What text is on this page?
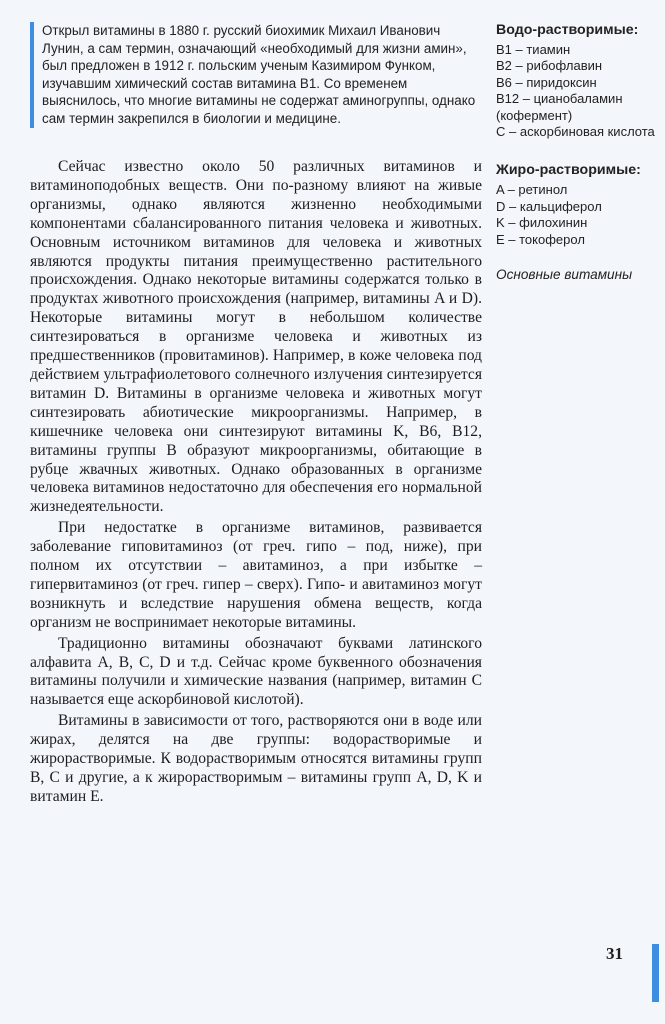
Открыл витамины в 1880 г. русский биохимик Михаил Иванович Лунин, а сам термин, означающий «необходимый для жизни амин», был предложен в 1912 г. польским ученым Казимиром Функом, изучавшим химический состав витамина B1. Со временем выяснилось, что многие витамины не содержат аминогруппы, однако сам термин закрепился в биологии и медицине.

Сейчас известно около 50 различных витаминов и витаминоподобных веществ. Они по-разному влияют на живые организмы, однако являются жизненно необходимыми компонентами сбалансированного питания человека и животных. Основным источником витаминов для человека и животных являются продукты питания преимущественно растительного происхождения. Однако некоторые витамины содержатся только в продуктах животного происхождения (например, витамины A и D). Некоторые витамины могут в небольшом количестве синтезироваться в организме человека и животных из предшественников (провитаминов). Например, в коже человека под действием ультрафиолетового солнечного излучения синтезируется витамин D. Витамины в организме человека и животных могут синтезировать абиотические микроорганизмы. Например, в кишечнике человека они синтезируют витамины K, B6, B12, витамины группы B образуют микроорганизмы, обитающие в рубце жвачных животных. Однако образованных в организме человека витаминов недостаточно для обеспечения его нормальной жизнедеятельности.

При недостатке в организме витаминов, развивается заболевание гиповитаминоз (от греч. гипо – под, ниже), при полном их отсутствии – авитаминоз, а при избытке – гипервитаминоз (от греч. гипер – сверх). Гипо- и авитаминоз могут возникнуть и вследствие нарушения обмена веществ, когда организм не воспринимает некоторые витамины.

Традиционно витамины обозначают буквами латинского алфавита A, B, C, D и т.д. Сейчас кроме буквенного обозначения витамины получили и химические названия (например, витамин C называется еще аскорбиновой кислотой).

Витамины в зависимости от того, растворяются они в воде или жирах, делятся на две группы: водорастворимые и жирорастворимые. К водорастворимым относятся витамины групп B, C и другие, а к жирорастворимым – витамины групп A, D, K и витамин E.

Водо-растворимые:
B1 – тиамин
B2 – рибофлавин
B6 – пиридоксин
B12 – цианобаламин (кофермент)
C – аскорбиновая кислота
Жиро-растворимые:
A – ретинол
D – кальциферол
K – филохинин
E – токоферол
Основные витамины
31
